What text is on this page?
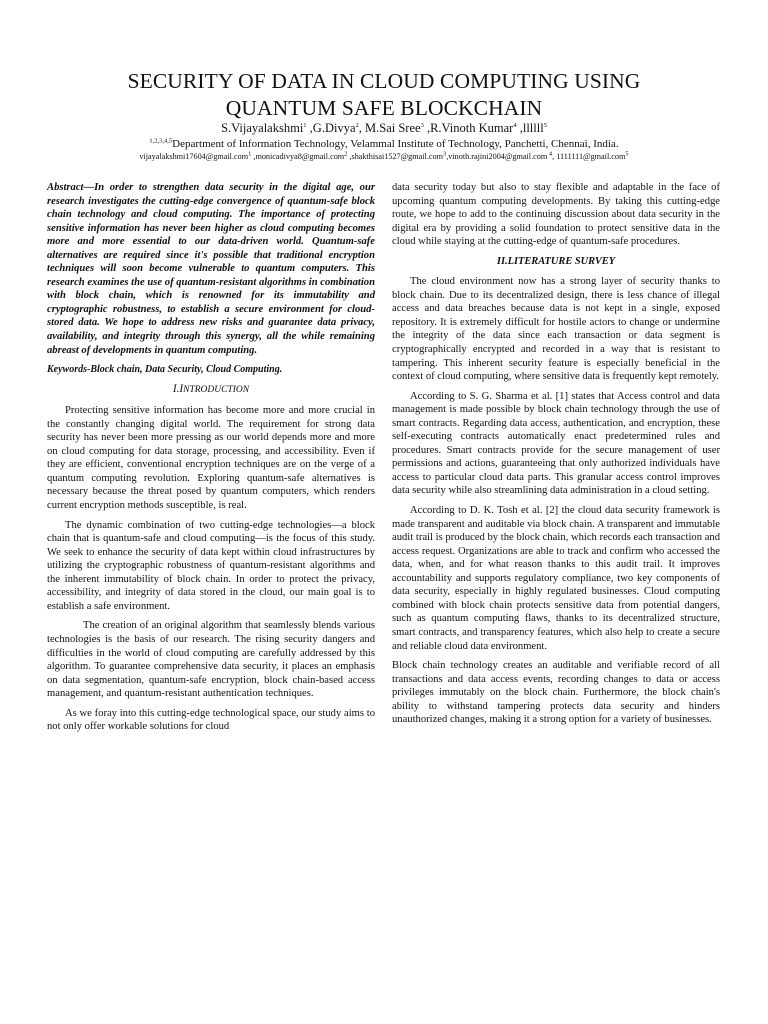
SECURITY OF DATA IN CLOUD COMPUTING USING
QUANTUM SAFE BLOCKCHAIN
S.Vijayalakshmi$^1$ ,G.Divya$^2$, M.Sai Sree$^3$ ,R.Vinoth Kumar$^4$ ,llllll$^5$
$^{1,2,3,4,5}$Department of Information Technology, Velammal Institute of Technology, Panchetti, Chennai, India.
vijayalakshmi17604@gmail.com$^1$ ,monicadivya8@gmail.com$^2$ ,shakthisai1527@gmail.com$^3$,vinoth.rajini2004@gmail.com $^4$, 1111111@gmail.com$^5$

Abstract—In order to strengthen data security in the digital age, our research investigates the cutting-edge convergence of quantum-safe block chain technology and cloud computing. The importance of protecting sensitive information has never been higher as cloud computing becomes more and more essential to our data-driven world. Quantum-safe alternatives are required since it's possible that traditional encryption techniques will soon become vulnerable to quantum computers. This research examines the use of quantum-resistant algorithms in combination with block chain, which is renowned for its immutability and cryptographic robustness, to establish a secure environment for cloud-stored data. We hope to address new risks and guarantee data privacy, availability, and integrity through this synergy, all the while remaining abreast of developments in quantum computing.

Keywords-Block chain, Data Security, Cloud Computing.

I.INTRODUCTION

Protecting sensitive information has become more and more crucial in the constantly changing digital world. The requirement for strong data security has never been more pressing as our world depends more and more on cloud computing for data storage, processing, and accessibility. Even if they are efficient, conventional encryption techniques are on the verge of a quantum computing revolution. Exploring quantum-safe alternatives is necessary because the threat posed by quantum computers, which renders current encryption methods susceptible, is real.

The dynamic combination of two cutting-edge technologies—a block chain that is quantum-safe and cloud computing—is the focus of this study. We seek to enhance the security of data kept within cloud infrastructures by utilizing the cryptographic robustness of quantum-resistant algorithms and the inherent immutability of block chain. In order to protect the privacy, accessibility, and integrity of data stored in the cloud, our main goal is to establish a safe environment.

The creation of an original algorithm that seamlessly blends various technologies is the basis of our research. The rising security dangers and difficulties in the world of cloud computing are carefully addressed by this algorithm. To guarantee comprehensive data security, it places an emphasis on data segmentation, quantum-safe encryption, block chain-based access management, and quantum-resistant authentication techniques.

As we foray into this cutting-edge technological space, our study aims to not only offer workable solutions for cloud

data security today but also to stay flexible and adaptable in the face of upcoming quantum computing developments. By taking this cutting-edge route, we hope to add to the continuing discussion about data security in the digital era by providing a solid foundation to protect sensitive data in the cloud while staying at the cutting-edge of quantum-safe procedures.

II.LITERATURE SURVEY

The cloud environment now has a strong layer of security thanks to block chain. Due to its decentralized design, there is less chance of illegal access and data breaches because data is not kept in a single, exposed repository. It is extremely difficult for hostile actors to change or undermine the integrity of the data since each transaction or data segment is cryptographically encrypted and recorded in a way that is resistant to tampering. This inherent security feature is especially beneficial in the context of cloud computing, where sensitive data is frequently kept remotely.

According to S. G. Sharma et al. [1] states that Access control and data management is made possible by block chain technology through the use of smart contracts. Regarding data access, authentication, and encryption, these self-executing contracts automatically enact predetermined rules and procedures. Smart contracts provide for the secure management of user permissions and actions, guaranteeing that only authorized individuals have access to particular cloud data parts. This granular access control improves data security while also streamlining data administration in a cloud setting.

According to D. K. Tosh et al. [2] the cloud data security framework is made transparent and auditable via block chain. A transparent and immutable audit trail is produced by the block chain, which records each transaction and access request. Organizations are able to track and confirm who accessed the data, when, and for what reason thanks to this audit trail. It improves accountability and supports regulatory compliance, two key components of data security, especially in highly regulated businesses. Cloud computing combined with block chain protects sensitive data from potential dangers, such as quantum computing flaws, thanks to its decentralized structure, smart contracts, and transparency features, which also help to create a secure and reliable cloud data environment.

Block chain technology creates an auditable and verifiable record of all transactions and data access events, recording changes to data or access privileges immutably on the block chain. Furthermore, the block chain's ability to withstand tampering protects data security and hinders unauthorized changes, making it a strong option for a variety of businesses.
